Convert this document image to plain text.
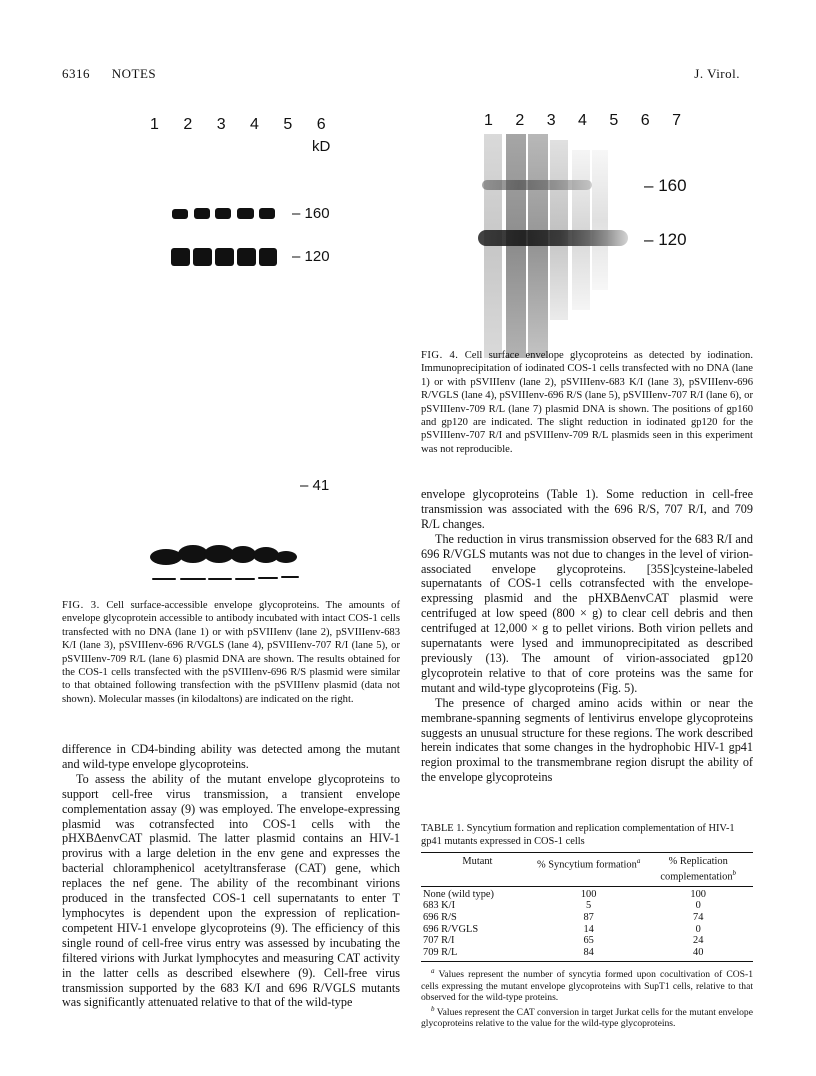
6316 NOTES	J. Virol.
1 2 3 4 5 6
kD
– 160
– 120
– 41
FIG. 3. Cell surface-accessible envelope glycoproteins. The amounts of envelope glycoprotein accessible to antibody incubated with intact COS-1 cells transfected with no DNA (lane 1) or with pSVIIIenv (lane 2), pSVIIIenv-683 K/I (lane 3), pSVIIIenv-696 R/VGLS (lane 4), pSVIIIenv-707 R/I (lane 5), or pSVIIIenv-709 R/L (lane 6) plasmid DNA are shown. The results obtained for the COS-1 cells transfected with the pSVIIIenv-696 R/S plasmid were similar to that obtained following transfection with the pSVIIIenv plasmid (data not shown). Molecular masses (in kilodaltons) are indicated on the right.
1 2 3 4 5 6 7
– 160
– 120
FIG. 4. Cell surface envelope glycoproteins as detected by iodination. Immunoprecipitation of iodinated COS-1 cells transfected with no DNA (lane 1) or with pSVIIIenv (lane 2), pSVIIIenv-683 K/I (lane 3), pSVIIIenv-696 R/VGLS (lane 4), pSVIIIenv-696 R/S (lane 5), pSVIIIenv-707 R/I (lane 6), or pSVIIIenv-709 R/L (lane 7) plasmid DNA is shown. The positions of gp160 and gp120 are indicated. The slight reduction in iodinated gp120 for the pSVIIIenv-707 R/I and pSVIIIenv-709 R/L plasmids seen in this experiment was not reproducible.

difference in CD4-binding ability was detected among the mutant and wild-type envelope glycoproteins.

To assess the ability of the mutant envelope glycoproteins to support cell-free virus transmission, a transient envelope complementation assay (9) was employed. The envelope-expressing plasmid was cotransfected into COS-1 cells with the pHXBΔenvCAT plasmid. The latter plasmid contains an HIV-1 provirus with a large deletion in the env gene and expresses the bacterial chloramphenicol acetyltransferase (CAT) gene, which replaces the nef gene. The ability of the recombinant virions produced in the transfected COS-1 cell supernatants to enter T lymphocytes is dependent upon the expression of replication-competent HIV-1 envelope glycoproteins (9). The efficiency of this single round of cell-free virus entry was assessed by incubating the filtered virions with Jurkat lymphocytes and measuring CAT activity in the latter cells as described elsewhere (9). Cell-free virus transmission supported by the 683 K/I and 696 R/VGLS mutants was significantly attenuated relative to that of the wild-type

envelope glycoproteins (Table 1). Some reduction in cell-free transmission was associated with the 696 R/S, 707 R/I, and 709 R/L changes.

The reduction in virus transmission observed for the 683 R/I and 696 R/VGLS mutants was not due to changes in the level of virion-associated envelope glycoproteins. [35S]cysteine-labeled supernatants of COS-1 cells cotransfected with the envelope-expressing plasmid and the pHXBΔenvCAT plasmid were centrifuged at low speed (800 × g) to clear cell debris and then centrifuged at 12,000 × g to pellet virions. Both virion pellets and supernatants were lysed and immunoprecipitated as described previously (13). The amount of virion-associated gp120 glycoprotein relative to that of core proteins was the same for mutant and wild-type glycoproteins (Fig. 5).

The presence of charged amino acids within or near the membrane-spanning segments of lentivirus envelope glycoproteins suggests an unusual structure for these regions. The work described herein indicates that some changes in the hydrophobic HIV-1 gp41 region proximal to the transmembrane region disrupt the ability of the envelope glycoproteins

TABLE 1. Syncytium formation and replication complementation of HIV-1 gp41 mutants expressed in COS-1 cells
Mutant	% Syncytium formation$^a$	% Replication complementation$^b$

None (wild type)	100	100
683 K/I	5	0
696 R/S	87	74
696 R/VGLS	14	0
707 R/I	65	24
709 R/L	84	40

$^a$ Values represent the number of syncytia formed upon cocultivation of COS-1 cells expressing the mutant envelope glycoproteins with SupT1 cells, relative to that observed for the wild-type proteins.
$^b$ Values represent the CAT conversion in target Jurkat cells for the mutant envelope glycoproteins relative to the value for the wild-type glycoproteins.
